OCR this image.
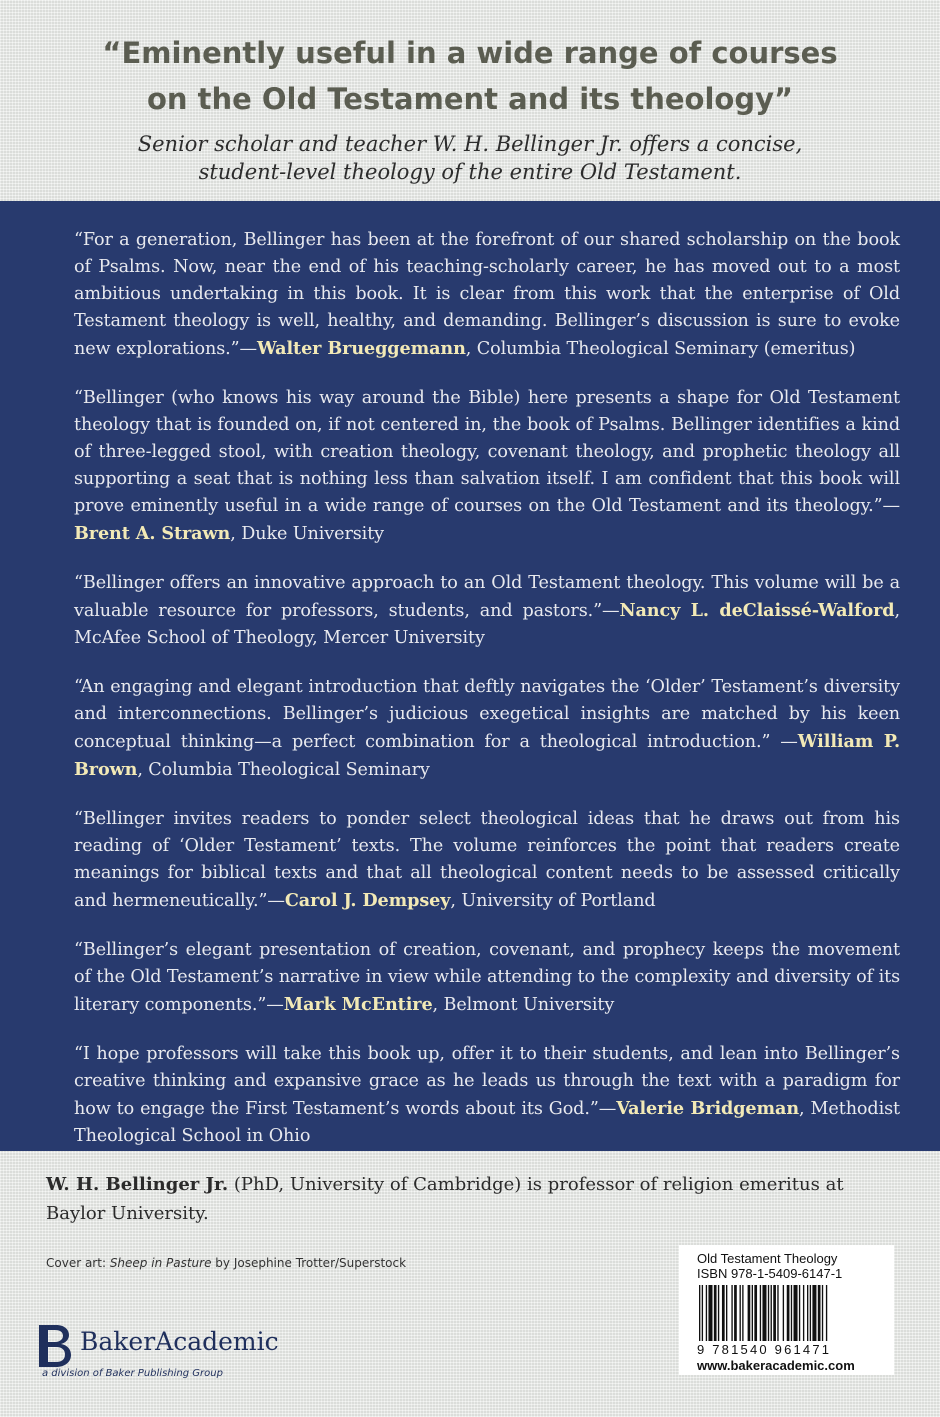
“Eminently useful in a wide range of courses
on the Old Testament and its theology”

Senior scholar and teacher W. H. Bellinger Jr. offers a concise,
student-level theology of the entire Old Testament.

“For a generation, Bellinger has been at the forefront of our shared scholarship on the book of Psalms. Now, near the end of his teaching-scholarly career, he has moved out to a most ambitious undertaking in this book. It is clear from this work that the enterprise of Old Testament theology is well, healthy, and demanding. Bellinger’s discussion is sure to evoke new explorations.”—Walter Brueggemann, Columbia Theological Seminary (emeritus)

“Bellinger (who knows his way around the Bible) here presents a shape for Old Testament theology that is founded on, if not centered in, the book of Psalms. Bellinger identifies a kind of three-legged stool, with creation theology, covenant theology, and prophetic theology all supporting a seat that is nothing less than salvation itself. I am confident that this book will prove eminently useful in a wide range of courses on the Old Testament and its theology.”—Brent A. Strawn, Duke University

“Bellinger offers an innovative approach to an Old Testament theology. This volume will be a valuable resource for professors, students, and pastors.”—Nancy L. deClaissé-Walford, McAfee School of Theology, Mercer University

“An engaging and elegant introduction that deftly navigates the ‘Older’ Testament’s diversity and interconnections. Bellinger’s judicious exegetical insights are matched by his keen conceptual thinking—a perfect combination for a theological introduction.” —William P. Brown, Columbia Theological Seminary

“Bellinger invites readers to ponder select theological ideas that he draws out from his reading of ‘Older Testament’ texts. The volume reinforces the point that readers create meanings for biblical texts and that all theological content needs to be assessed critically and hermeneutically.”—Carol J. Dempsey, University of Portland

“Bellinger’s elegant presentation of creation, covenant, and prophecy keeps the movement of the Old Testament’s narrative in view while attending to the complexity and diversity of its literary components.”—Mark McEntire, Belmont University

“I hope professors will take this book up, offer it to their students, and lean into Bellinger’s creative thinking and expansive grace as he leads us through the text with a paradigm for how to engage the First Testament’s words about its God.”—Valerie Bridgeman, Methodist Theological School in Ohio

W. H. Bellinger Jr. (PhD, University of Cambridge) is professor of religion emeritus at Baylor University.

Cover art: Sheep in Pasture by Josephine Trotter/Superstock
BakerAcademic
a division of Baker Publishing Group
Old Testament Theology
ISBN 978-1-5409-6147-1
9 781540 961471
www.bakeracademic.com
